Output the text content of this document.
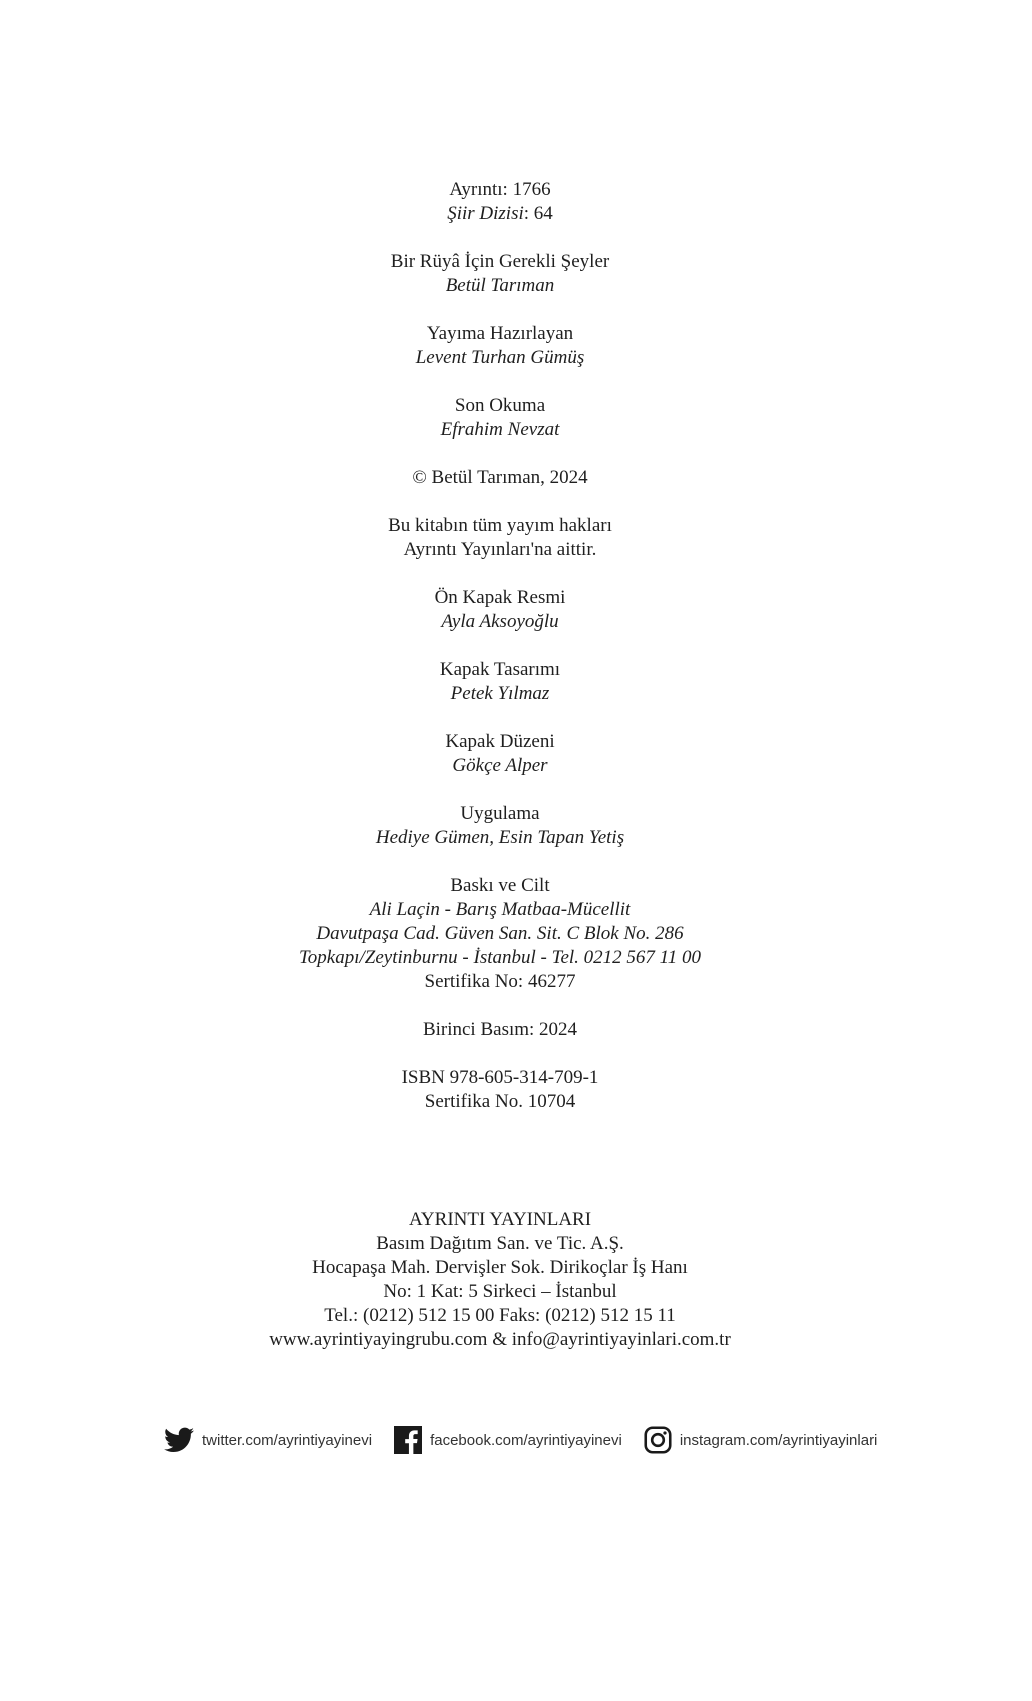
Ayrıntı: 1766
Şiir Dizisi: 64
Bir Rüyâ İçin Gerekli Şeyler
Betül Tarıman
Yayıma Hazırlayan
Levent Turhan Gümüş
Son Okuma
Efrahim Nevzat
© Betül Tarıman, 2024
Bu kitabın tüm yayım hakları
Ayrıntı Yayınları'na aittir.
Ön Kapak Resmi
Ayla Aksoyoğlu
Kapak Tasarımı
Petek Yılmaz
Kapak Düzeni
Gökçe Alper
Uygulama
Hediye Gümen, Esin Tapan Yetiş
Baskı ve Cilt
Ali Laçin - Barış Matbaa-Mücellit
Davutpaşa Cad. Güven San. Sit. C Blok No. 286
Topkapı/Zeytinburnu - İstanbul - Tel. 0212 567 11 00
Sertifika No: 46277
Birinci Basım: 2024
ISBN 978-605-314-709-1
Sertifika No. 10704
AYRINTI YAYINLARI
Basım Dağıtım San. ve Tic. A.Ş.
Hocapaşa Mah. Dervişler Sok. Dirikoçlar İş Hanı
No: 1 Kat: 5 Sirkeci – İstanbul
Tel.: (0212) 512 15 00 Faks: (0212) 512 15 11
www.ayrintiyayingrubu.com & info@ayrintiyayinlari.com.tr
twitter.com/ayrintiyayinevi	facebook.com/ayrintiyayinevi	instagram.com/ayrintiyayinlari
